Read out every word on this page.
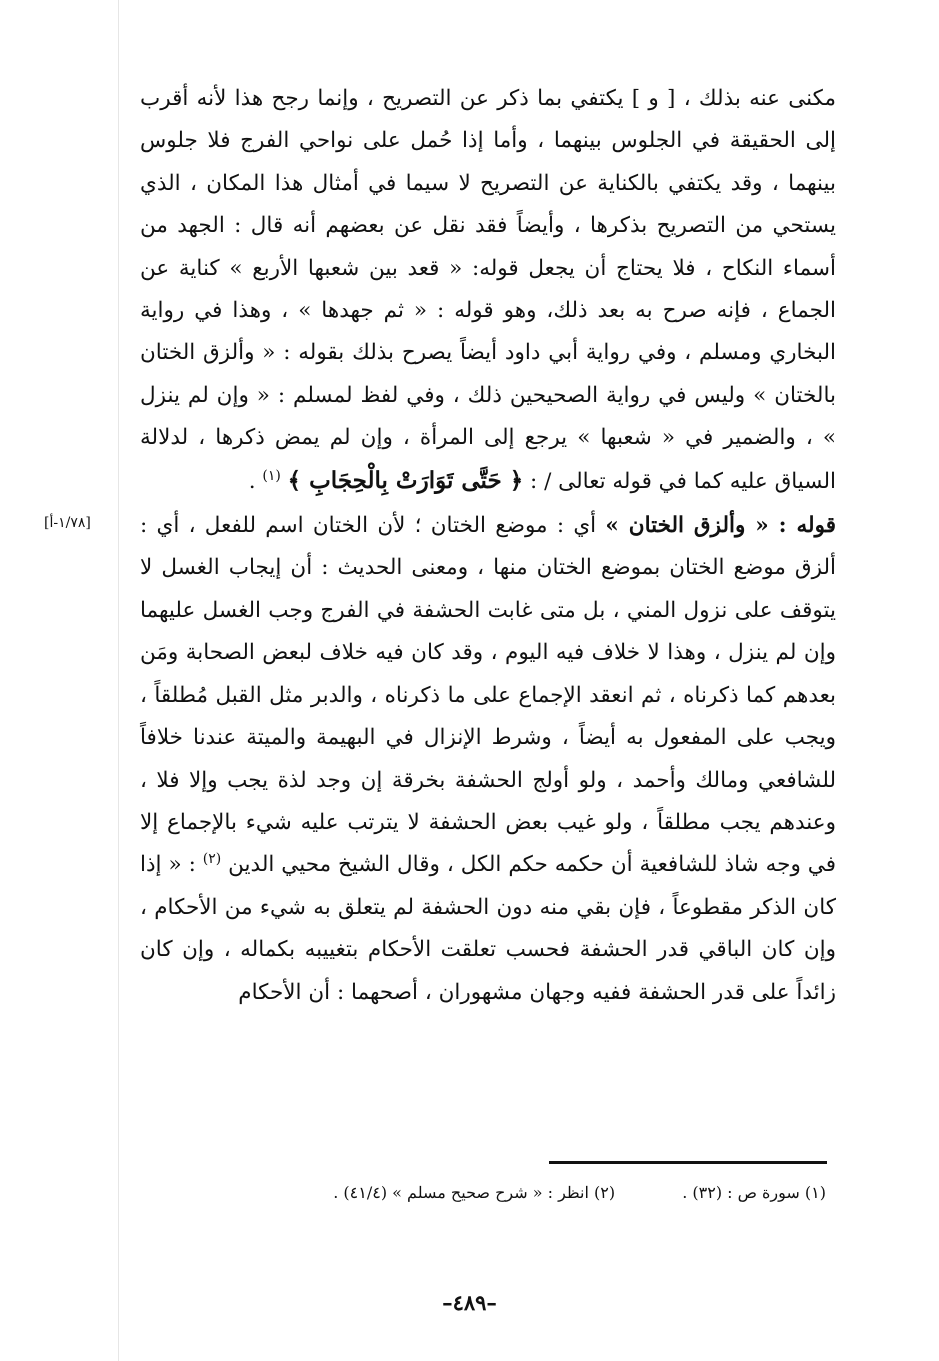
مكنى عنه بذلك ، [ و ] يكتفي بما ذكر عن التصريح ، وإنما رجح هذا لأنه أقرب إلى الحقيقة في الجلوس بينهما ، وأما إذا حُمل على نواحي الفرج فلا جلوس بينهما ، وقد يكتفي بالكناية عن التصريح لا سيما في أمثال هذا المكان ، الذي يستحي من التصريح بذكرها ، وأيضاً فقد نقل عن بعضهم أنه قال : الجهد من أسماء النكاح ، فلا يحتاج أن يجعل قوله: « قعد بين شعبها الأربع » كناية عن الجماع ، فإنه صرح به بعد ذلك، وهو قوله : « ثم جهدها » ، وهذا في رواية البخاري ومسلم ، وفي رواية أبي داود أيضاً يصرح بذلك بقوله : « وألزق الختان بالختان » وليس في رواية الصحيحين ذلك ، وفي لفظ لمسلم : « وإن لم ينزل » ، والضمير في « شعبها » يرجع إلى المرأة ، وإن لم يمض ذكرها ، لدلالة السياق عليه كما في قوله تعالى / : ﴿ حَتَّى تَوَارَتْ بِالْحِجَابِ ﴾ $^{(١)}$ .

قوله : « وألزق الختان » أي : موضع الختان ؛ لأن الختان اسم للفعل ، أي : ألزق موضع الختان بموضع الختان منها ، ومعنى الحديث : أن إيجاب الغسل لا يتوقف على نزول المني ، بل متى غابت الحشفة في الفرج وجب الغسل عليهما وإن لم ينزل ، وهذا لا خلاف فيه اليوم ، وقد كان فيه خلاف لبعض الصحابة ومَن بعدهم كما ذكرناه ، ثم انعقد الإجماع على ما ذكرناه ، والدبر مثل القبل مُطلقاً ، ويجب على المفعول به أيضاً ، وشرط الإنزال في البهيمة والميتة عندنا خلافاً للشافعي ومالك وأحمد ، ولو أولج الحشفة بخرقة إن وجد لذة يجب وإلا فلا ، وعندهم يجب مطلقاً ، ولو غيب بعض الحشفة لا يترتب عليه شيء بالإجماع إلا في وجه شاذ للشافعية أن حكمه حكم الكل ، وقال الشيخ محيي الدين $^{(٢)}$ : « إذا كان الذكر مقطوعاً ، فإن بقي منه دون الحشفة لم يتعلق به شيء من الأحكام ، وإن كان الباقي قدر الحشفة فحسب تعلقت الأحكام بتغييبه بكماله ، وإن كان زائداً على قدر الحشفة ففيه وجهان مشهوران ، أصحهما : أن الأحكام

[١/٧٨-أ]
(١) سورة ص : (٣٢) . (٢) انظر : « شرح صحيح مسلم » (٤١/٤) .
–٤٨٩–
